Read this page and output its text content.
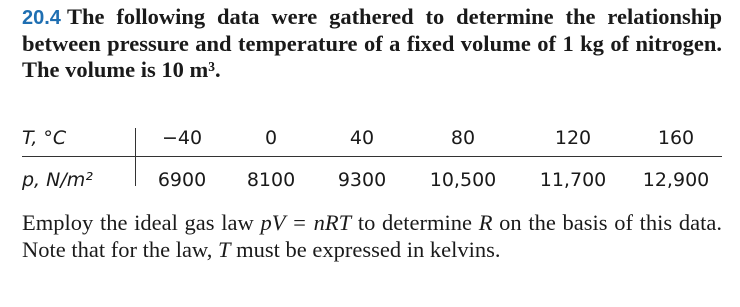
20.4 The following data were gathered to determine the relationship between pressure and temperature of a fixed volume of 1 kg of nitrogen. The volume is 10 m³.
T, °C	−40	0	40	80	120	160
p, N/m²	6900 8100 9300 10,500 11,700 12,900
Employ the ideal gas law pV = nRT to determine R on the basis of this data. Note that for the law, T must be expressed in kelvins.
